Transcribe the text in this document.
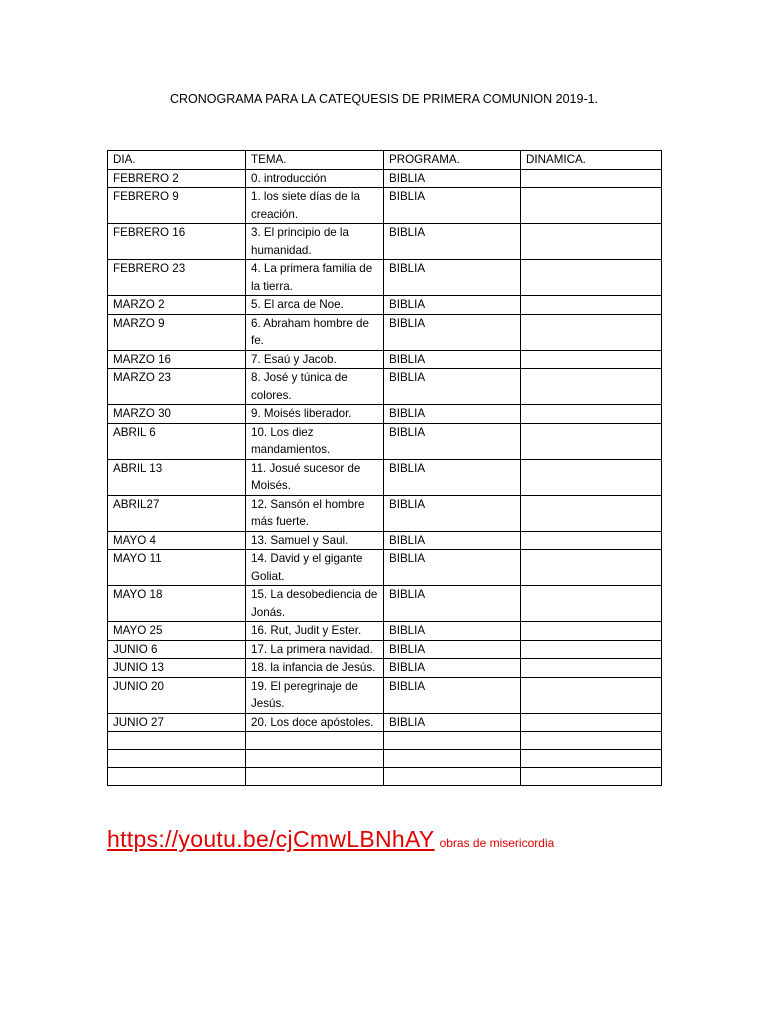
CRONOGRAMA PARA LA CATEQUESIS DE PRIMERA COMUNION 2019-1.
DIA.	TEMA.	PROGRAMA.	DINAMICA.
FEBRERO 2	0. introducción	BIBLIA	
FEBRERO 9	1. los siete días de la creación.	BIBLIA	
FEBRERO 16	3. El principio de la humanidad.	BIBLIA	
FEBRERO 23	4. La primera familia de la tierra.	BIBLIA	
MARZO 2	5. El arca de Noe.	BIBLIA	
MARZO 9	6. Abraham hombre de fe.	BIBLIA	
MARZO 16	7. Esaú y Jacob.	BIBLIA	
MARZO 23	8. José y túnica de colores.	BIBLIA	
MARZO 30	9. Moisés liberador.	BIBLIA	
ABRIL 6	10. Los diez mandamientos.	BIBLIA	
ABRIL 13	11. Josué sucesor de Moisés.	BIBLIA	
ABRIL27	12. Sansón el hombre más fuerte.	BIBLIA	
MAYO 4	13. Samuel y Saul.	BIBLIA	
MAYO 11	14. David y el gigante Goliat.	BIBLIA	
MAYO 18	15. La desobediencia de Jonás.	BIBLIA	
MAYO 25	16. Rut, Judit y Ester.	BIBLIA	
JUNIO 6	17. La primera navidad.	BIBLIA	
JUNIO 13	18. la infancia de Jesús.	BIBLIA	
JUNIO 20	19. El peregrinaje de Jesús.	BIBLIA	
JUNIO 27	20. Los doce apóstoles.	BIBLIA	

https://youtu.be/cjCmwLBNhAY obras de misericordia
